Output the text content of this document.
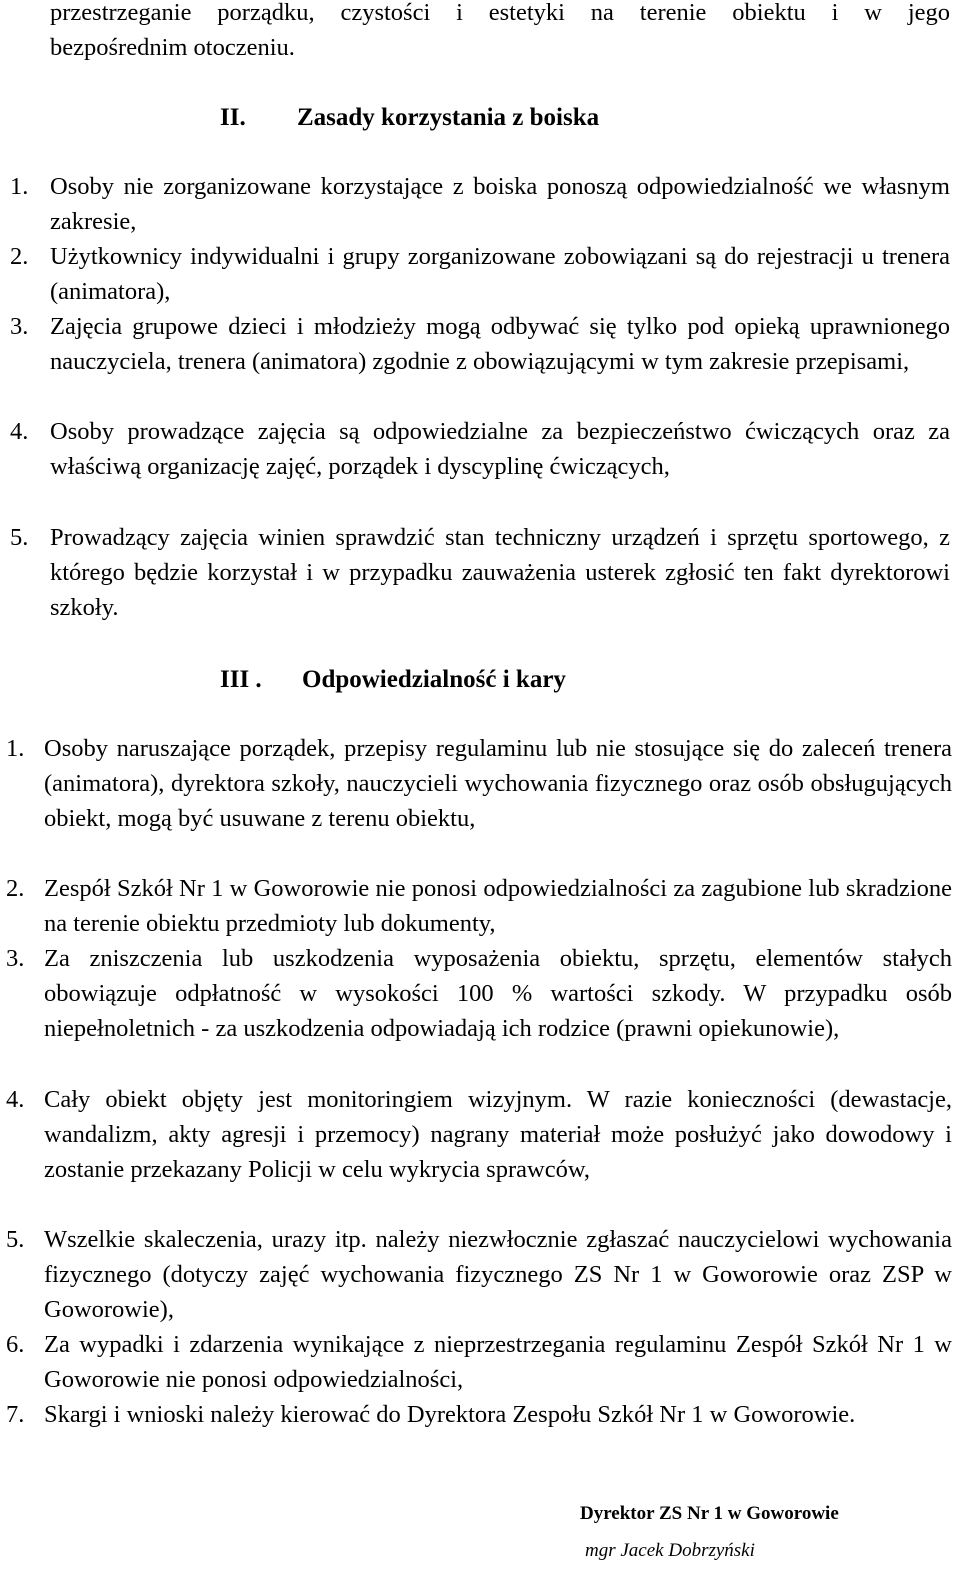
przestrzeganie porządku, czystości i estetyki na terenie obiektu i w jego
bezpośrednim otoczeniu.
II. Zasady korzystania z boiska
1. Osoby nie zorganizowane korzystające z boiska ponoszą odpowiedzialność we własnym zakresie,
2. Użytkownicy indywidualni i grupy zorganizowane zobowiązani są do rejestracji u trenera (animatora),
3. Zajęcia grupowe dzieci i młodzieży mogą odbywać się tylko pod opieką uprawnionego nauczyciela, trenera (animatora) zgodnie z obowiązującymi w tym zakresie przepisami,
4. Osoby prowadzące zajęcia są odpowiedzialne za bezpieczeństwo ćwiczących oraz za właściwą organizację zajęć, porządek i dyscyplinę ćwiczących,
5. Prowadzący zajęcia winien sprawdzić stan techniczny urządzeń i sprzętu sportowego, z którego będzie korzystał i w przypadku zauważenia usterek zgłosić ten fakt dyrektorowi szkoły.
III . Odpowiedzialność i kary
1. Osoby naruszające porządek, przepisy regulaminu lub nie stosujące się do zaleceń trenera (animatora), dyrektora szkoły, nauczycieli wychowania fizycznego oraz osób obsługujących obiekt, mogą być usuwane z terenu obiektu,
2. Zespół Szkół Nr 1 w Goworowie nie ponosi odpowiedzialności za zagubione lub skradzione na terenie obiektu przedmioty lub dokumenty,
3. Za zniszczenia lub uszkodzenia wyposażenia obiektu, sprzętu, elementów stałych obowiązuje odpłatność w wysokości 100 % wartości szkody. W przypadku osób niepełnoletnich - za uszkodzenia odpowiadają ich rodzice (prawni opiekunowie),
4. Cały obiekt objęty jest monitoringiem wizyjnym. W razie konieczności (dewastacje, wandalizm, akty agresji i przemocy) nagrany materiał może posłużyć jako dowodowy i zostanie przekazany Policji w celu wykrycia sprawców,
5. Wszelkie skaleczenia, urazy itp. należy niezwłocznie zgłaszać nauczycielowi wychowania fizycznego (dotyczy zajęć wychowania fizycznego ZS Nr 1 w Goworowie oraz ZSP w Goworowie),
6. Za wypadki i zdarzenia wynikające z nieprzestrzegania regulaminu Zespół Szkół Nr 1 w Goworowie nie ponosi odpowiedzialności,
7. Skargi i wnioski należy kierować do Dyrektora Zespołu Szkół Nr 1 w Goworowie.
Dyrektor ZS Nr 1 w Goworowie
mgr Jacek Dobrzyński
